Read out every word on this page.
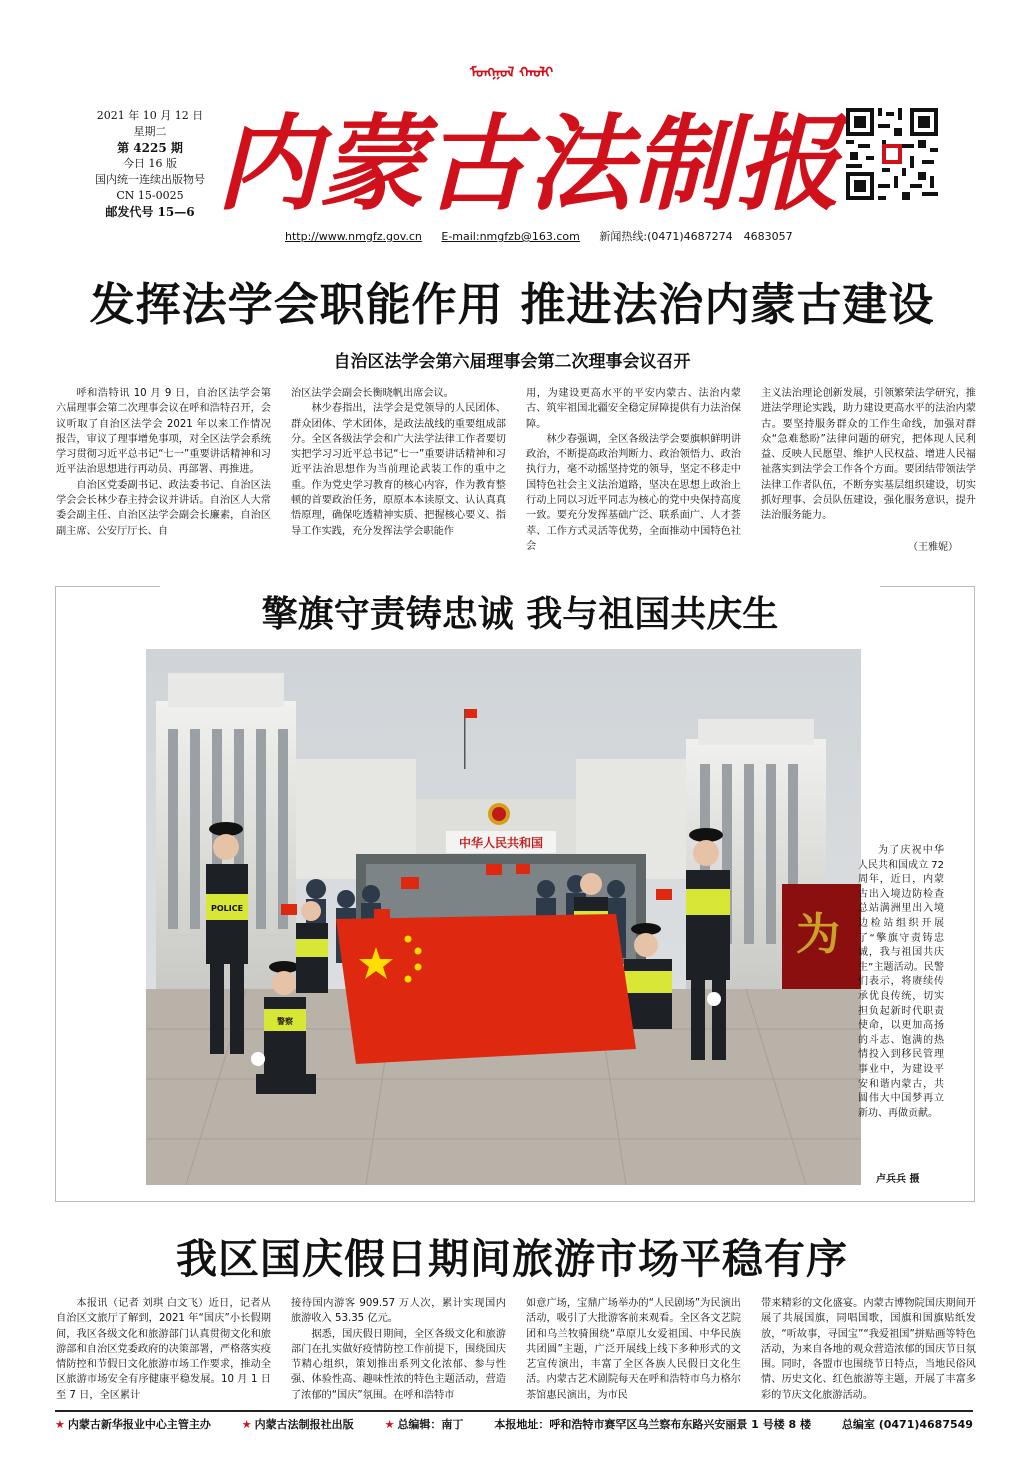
2021 年 10 月 12 日
星期二
第 4225 期
今日 16 版
国内统一连续出版物号
CN 15-0025
邮发代号 15—6
ᠮᠣᠩᠭᠣᠯ ᠬᠠᠤᠯᠢ
内蒙古法制报
http://www.nmgfz.gov.cn E-mail:nmgfzb@163.com 新闻热线:(0471)4687274　4683057
发挥法学会职能作用 推进法治内蒙古建设
自治区法学会第六届理事会第二次理事会议召开

呼和浩特讯 10 月 9 日，自治区法学会第六届理事会第二次理事会议在呼和浩特召开，会议听取了自治区法学会 2021 年以来工作情况报告，审议了理事增免事项，对全区法学会系统学习贯彻习近平总书记“七一”重要讲话精神和习近平法治思想进行再动员、再部署、再推进。

自治区党委副书记、政法委书记、自治区法学会会长林少春主持会议并讲话。自治区人大常委会副主任、自治区法学会副会长廉素，自治区副主席、公安厅厅长、自

治区法学会副会长衡晓帆出席会议。

林少春指出，法学会是党领导的人民团体、群众团体、学术团体，是政法战线的重要组成部分。全区各级法学会和广大法学法律工作者要切实把学习习近平总书记“七一”重要讲话精神和习近平法治思想作为当前理论武装工作的重中之重。作为党史学习教育的核心内容，作为教育整顿的首要政治任务，原原本本读原文、认认真真悟原理，确保吃透精神实质、把握核心要义、指导工作实践，充分发挥法学会职能作

用，为建设更高水平的平安内蒙古、法治内蒙古、筑牢祖国北疆安全稳定屏障提供有力法治保障。

林少春强调，全区各级法学会要旗帜鲜明讲政治，不断提高政治判断力、政治领悟力、政治执行力，毫不动摇坚持党的领导，坚定不移走中国特色社会主义法治道路，坚决在思想上政治上行动上同以习近平同志为核心的党中央保持高度一致。要充分发挥基础广泛、联系面广、人才荟萃、工作方式灵活等优势，全面推动中国特色社会

主义法治理论创新发展，引领繁荣法学研究，推进法学理论实践，助力建设更高水平的法治内蒙古。要坚持服务群众的工作生命线，加强对群众“急难愁盼”法律问题的研究，把体现人民利益、反映人民愿望、维护人民权益、增进人民福祉落实到法学会工作各个方面。要团结带领法学法律工作者队伍，不断夯实基层组织建设，切实抓好理事、会员队伍建设，强化服务意识，提升法治服务能力。

（王雅妮）
擎旗守责铸忠诚 我与祖国共庆生
中华人民共和国
为
POLICE
警察

为了庆祝中华人民共和国成立 72 周年，近日，内蒙古出入境边防检查总站满洲里出入境边检站组织开展了“擎旗守责铸忠诚，我与祖国共庆生”主题活动。民警们表示，将赓续传承优良传统，切实担负起新时代职责使命，以更加高扬的斗志、饱满的热情投入到移民管理事业中，为建设平安和谐内蒙古，共圆伟大中国梦再立新功、再做贡献。

卢兵兵 摄
我区国庆假日期间旅游市场平稳有序

本报讯（记者 刘琪 白文飞）近日，记者从自治区文旅厅了解到，2021 年“国庆”小长假期间，我区各级文化和旅游部门认真贯彻文化和旅游部和自治区党委政府的决策部署，严格落实疫情防控和节假日文化旅游市场工作要求，推动全区旅游市场安全有序健康平稳发展。10 月 1 日至 7 日，全区累计

接待国内游客 909.57 万人次，累计实现国内旅游收入 53.35 亿元。

据悉，国庆假日期间，全区各级文化和旅游部门在扎实做好疫情防控工作前提下，围绕国庆节精心组织，策划推出系列文化浓郁、参与性强、体验性高、趣味性浓的特色主题活动，营造了浓郁的“国庆”氛围。在呼和浩特市

如意广场，宝鼎广场举办的“人民剧场”为民演出活动，吸引了大批游客前来观看。全区各文艺院团和乌兰牧骑围绕“草原儿女爱祖国、中华民族共团圆”主题，广泛开展线上线下多种形式的文艺宣传演出，丰富了全区各族人民假日文化生活。内蒙古艺术剧院每天在呼和浩特市乌力格尔茶馆惠民演出，为市民

带来精彩的文化盛宴。内蒙古博物院国庆期间开展了共展国旗，同唱国歌，国旗和国旗贴纸发放，“听故事，寻国宝”“我爱祖国”拼贴画等特色活动，为来自各地的观众营造浓郁的国庆节日氛围。同时，各盟市也围绕节日特点，当地民俗风情、历史文化、红色旅游等主题，开展了丰富多彩的节庆文化旅游活动。

★ 内蒙古新华报业中心主管主办	★ 内蒙古法制报社出版	★ 总编辑：南丁	本报地址：呼和浩特市赛罕区乌兰察布东路兴安丽景 1 号楼 8 楼	总编室 (0471)4687549
